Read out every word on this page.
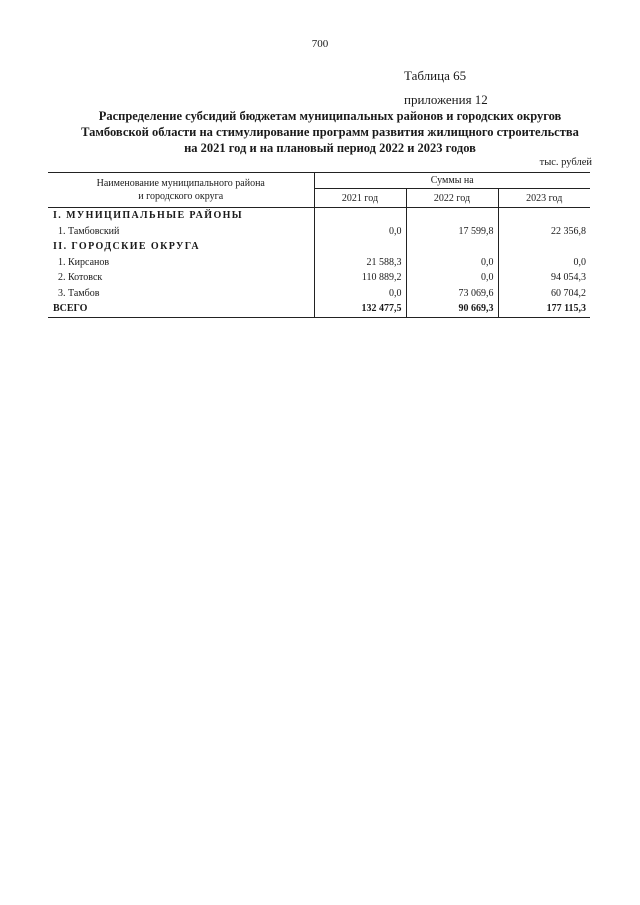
700
Таблица 65
приложения 12
Распределение субсидий бюджетам муниципальных районов и городских округов
Тамбовской области на стимулирование программ развития жилищного строительства
на 2021 год и на плановый период 2022 и 2023 годов
тыс. рублей
Наименование муниципального района
и городского округа	Суммы на		
	2021 год	2022 год	2023 год
I. МУНИЦИПАЛЬНЫЕ РАЙОНЫ			
1. Тамбовский	0,0	17 599,8	22 356,8
II. ГОРОДСКИЕ ОКРУГА			
1. Кирсанов	21 588,3	0,0	0,0
2. Котовск	110 889,2	0,0	94 054,3
3. Тамбов	0,0	73 069,6	60 704,2
ВСЕГО	132 477,5	90 669,3	177 115,3
